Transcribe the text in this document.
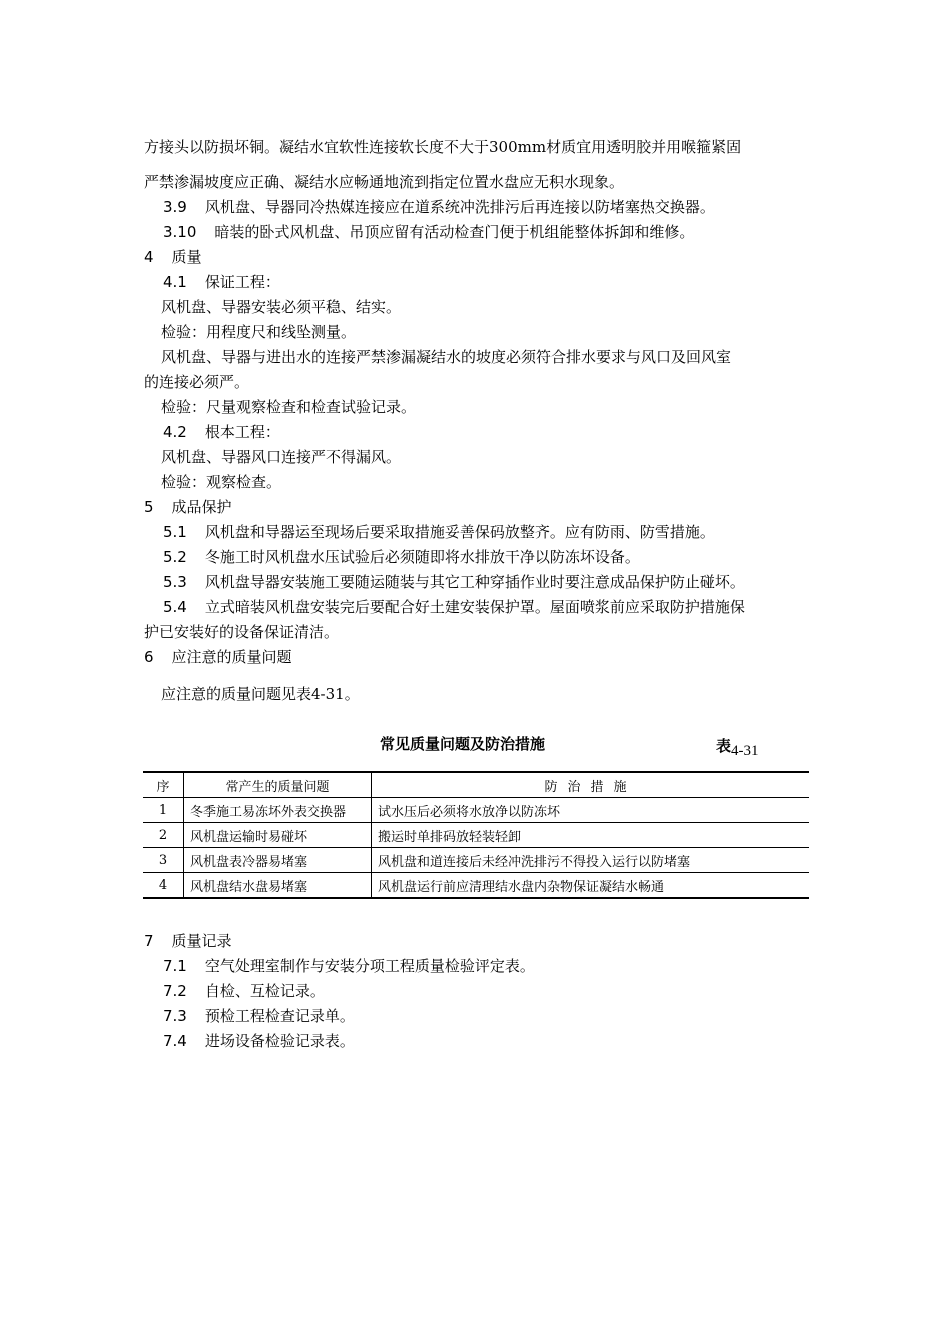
方接头以防损坏铜。凝结水宜软性连接软长度不大于300mm材质宜用透明胶并用喉箍紧固
严禁渗漏坡度应正确、凝结水应畅通地流到指定位置水盘应无积水现象。
3.9 风机盘、导器同冷热媒连接应在道系统冲洗排污后再连接以防堵塞热交换器。
3.10 暗装的卧式风机盘、吊顶应留有活动检查门便于机组能整体拆卸和维修。
4 质量
4.1 保证工程：
风机盘、导器安装必须平稳、结实。
检验：用程度尺和线坠测量。
风机盘、导器与进出水的连接严禁渗漏凝结水的坡度必须符合排水要求与风口及回风室
的连接必须严。
检验：尺量观察检查和检查试验记录。
4.2 根本工程：
风机盘、导器风口连接严不得漏风。
检验：观察检查。
5 成品保护
5.1 风机盘和导器运至现场后要采取措施妥善保码放整齐。应有防雨、防雪措施。
5.2 冬施工时风机盘水压试验后必须随即将水排放干净以防冻坏设备。
5.3 风机盘导器安装施工要随运随装与其它工种穿插作业时要注意成品保护防止碰坏。
5.4 立式暗装风机盘安装完后要配合好土建安装保护罩。屋面喷浆前应采取防护措施保
护已安装好的设备保证清洁。
6 应注意的质量问题
应注意的质量问题见表4-31。
常见质量问题及防治措施	表4-31
序	常产生的质量问题	防治措施
1	冬季施工易冻坏外表交换器	试水压后必须将水放净以防冻坏
2	风机盘运输时易碰坏	搬运时单排码放轻装轻卸
3	风机盘表冷器易堵塞	风机盘和道连接后未经冲洗排污不得投入运行以防堵塞
4	风机盘结水盘易堵塞	风机盘运行前应清理结水盘内杂物保证凝结水畅通
7 质量记录
7.1 空气处理室制作与安装分项工程质量检验评定表。
7.2 自检、互检记录。
7.3 预检工程检查记录单。
7.4 进场设备检验记录表。
